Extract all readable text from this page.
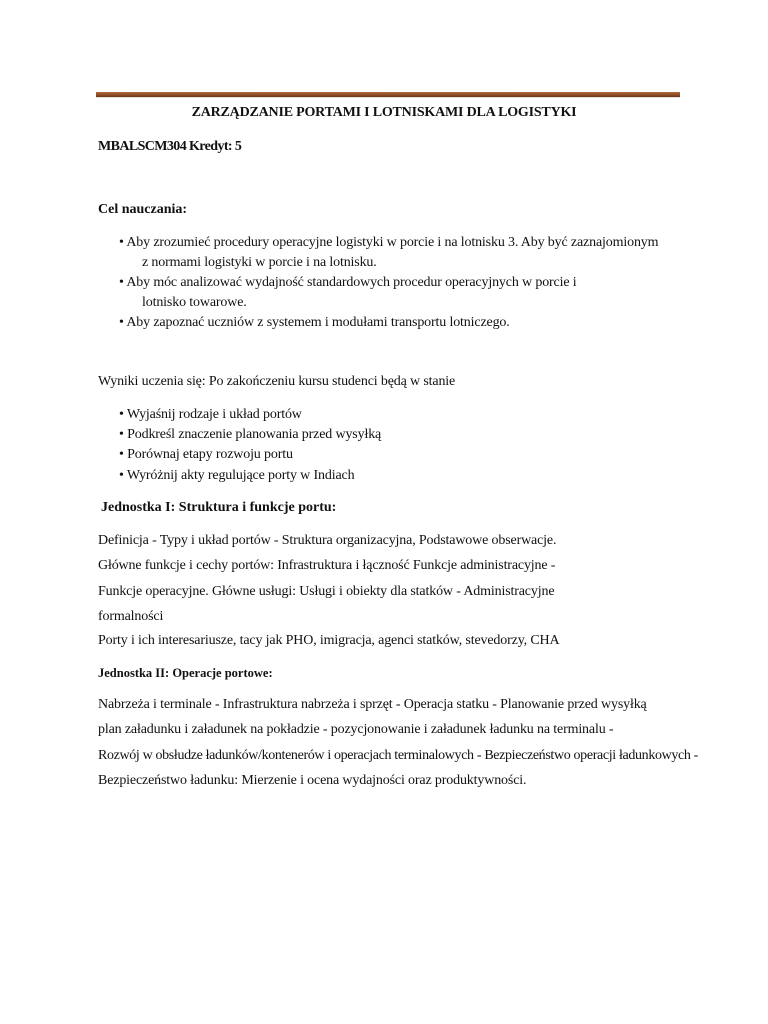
ZARZĄDZANIE PORTAMI I LOTNISKAMI DLA LOGISTYKI
MBALSCM304 Kredyt: 5
Cel nauczania:
• Aby zrozumieć procedury operacyjne logistyki w porcie i na lotnisku 3. Aby być zaznajomionym
z normami logistyki w porcie i na lotnisku.
• Aby móc analizować wydajność standardowych procedur operacyjnych w porcie i
lotnisko towarowe.
• Aby zapoznać uczniów z systemem i modułami transportu lotniczego.
Wyniki uczenia się: Po zakończeniu kursu studenci będą w stanie
• Wyjaśnij rodzaje i układ portów
• Podkreśl znaczenie planowania przed wysyłką
• Porównaj etapy rozwoju portu
• Wyróżnij akty regulujące porty w Indiach
Jednostka I: Struktura i funkcje portu:
Definicja - Typy i układ portów - Struktura organizacyjna, Podstawowe obserwacje.
Główne funkcje i cechy portów: Infrastruktura i łączność Funkcje administracyjne -
Funkcje operacyjne. Główne usługi: Usługi i obiekty dla statków - Administracyjne
formalności
Porty i ich interesariusze, tacy jak PHO, imigracja, agenci statków, stevedorzy, CHA
Jednostka II: Operacje portowe:
Nabrzeża i terminale - Infrastruktura nabrzeża i sprzęt - Operacja statku - Planowanie przed wysyłką
plan załadunku i załadunek na pokładzie - pozycjonowanie i załadunek ładunku na terminalu -
Rozwój w obsłudze ładunków/kontenerów i operacjach terminalowych - Bezpieczeństwo operacji ładunkowych -
Bezpieczeństwo ładunku: Mierzenie i ocena wydajności oraz produktywności.
